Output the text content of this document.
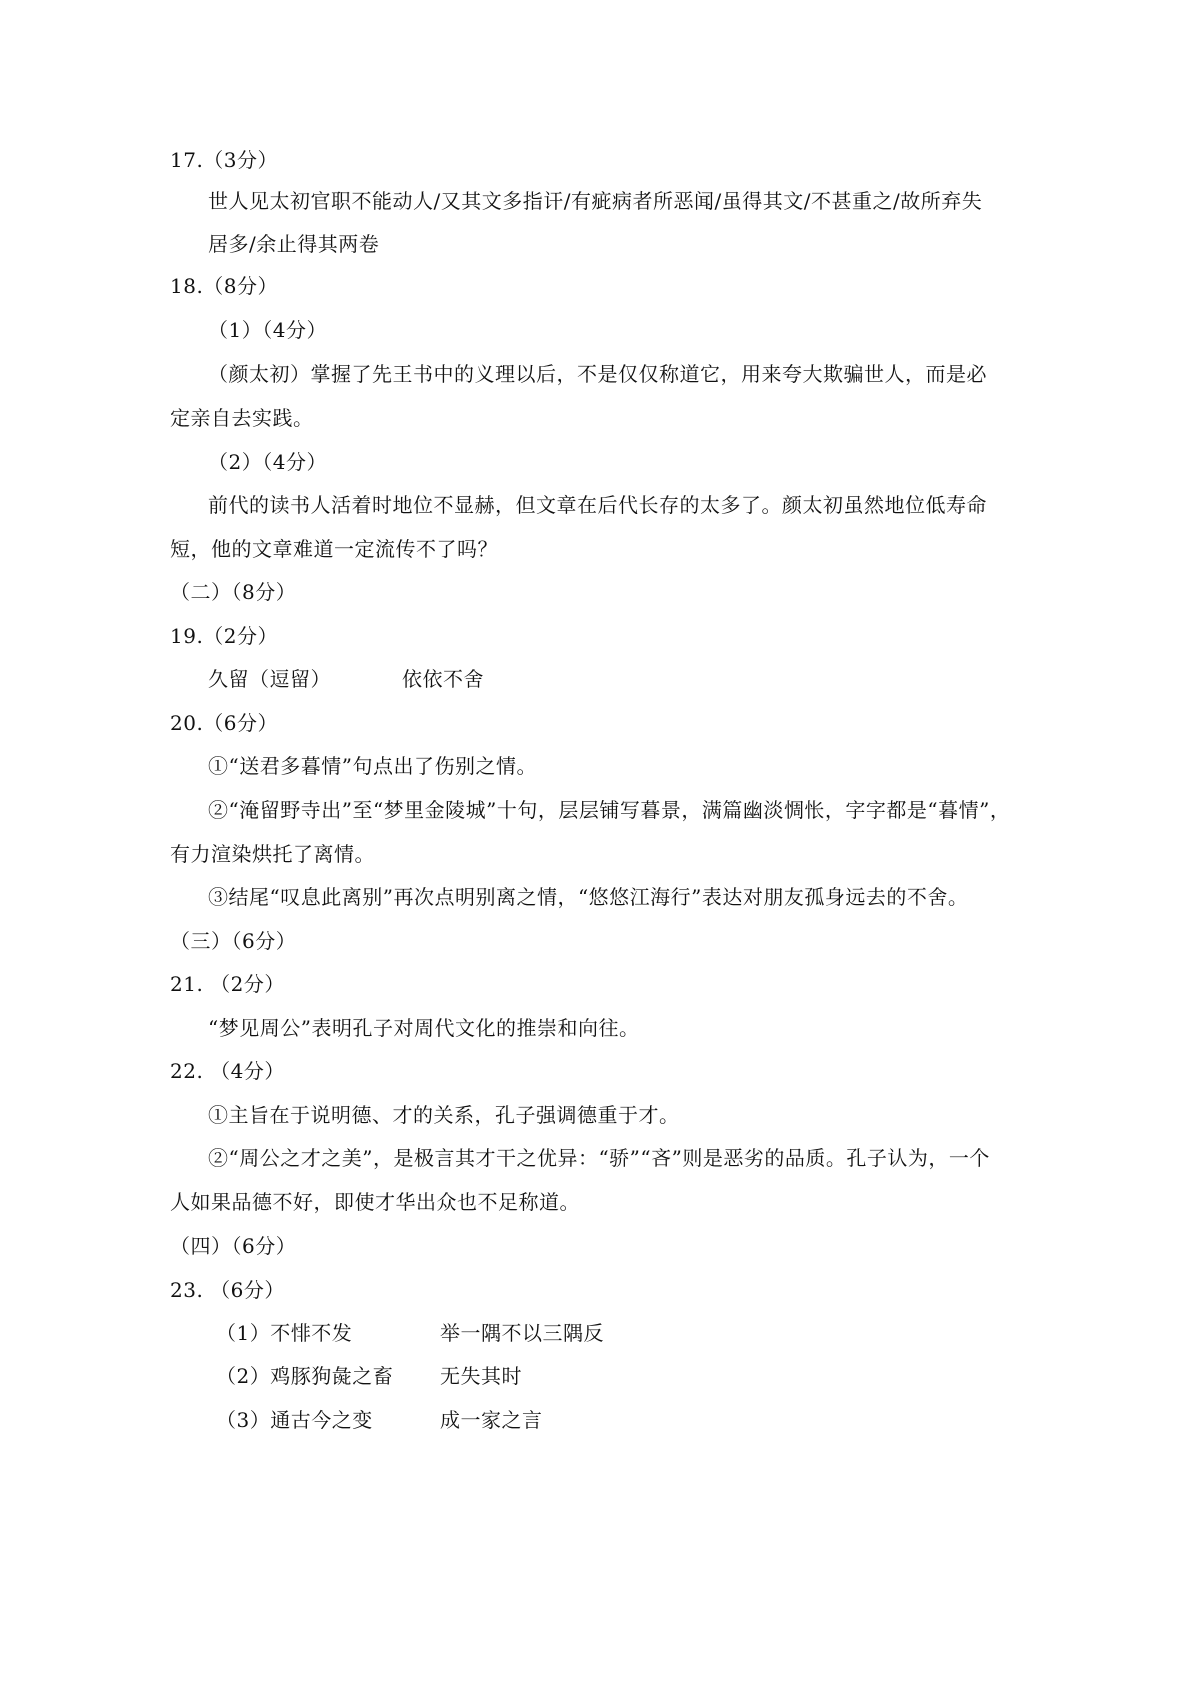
17.（3分）
世人见太初官职不能动人/又其文多指讦/有疵病者所恶闻/虽得其文/不甚重之/故所弃失
居多/余止得其两卷
18.（8分）
（1）（4分）
（颜太初）掌握了先王书中的义理以后，不是仅仅称道它，用来夸大欺骗世人，而是必
定亲自去实践。
（2）（4分）
前代的读书人活着时地位不显赫，但文章在后代长存的太多了。颜太初虽然地位低寿命
短，他的文章难道一定流传不了吗？
（二）（8分）
19.（2分）
久留（逗留）	依依不舍
20.（6分）
①“送君多暮情”句点出了伤别之情。
②“淹留野寺出”至“梦里金陵城”十句，层层铺写暮景，满篇幽淡惆怅，字字都是“暮情”，
有力渲染烘托了离情。
③结尾“叹息此离别”再次点明别离之情，“悠悠江海行”表达对朋友孤身远去的不舍。
（三）（6分）
21. （2分）
“梦见周公”表明孔子对周代文化的推崇和向往。
22. （4分）
①主旨在于说明德、才的关系，孔子强调德重于才。
②“周公之才之美”，是极言其才干之优异：“骄”“吝”则是恶劣的品质。孔子认为，一个
人如果品德不好，即使才华出众也不足称道。
（四）（6分）
23. （6分）
（1）不悱不发	举一隅不以三隅反
（2）鸡豚狗彘之畜 无失其时
（3）通古今之变	成一家之言
